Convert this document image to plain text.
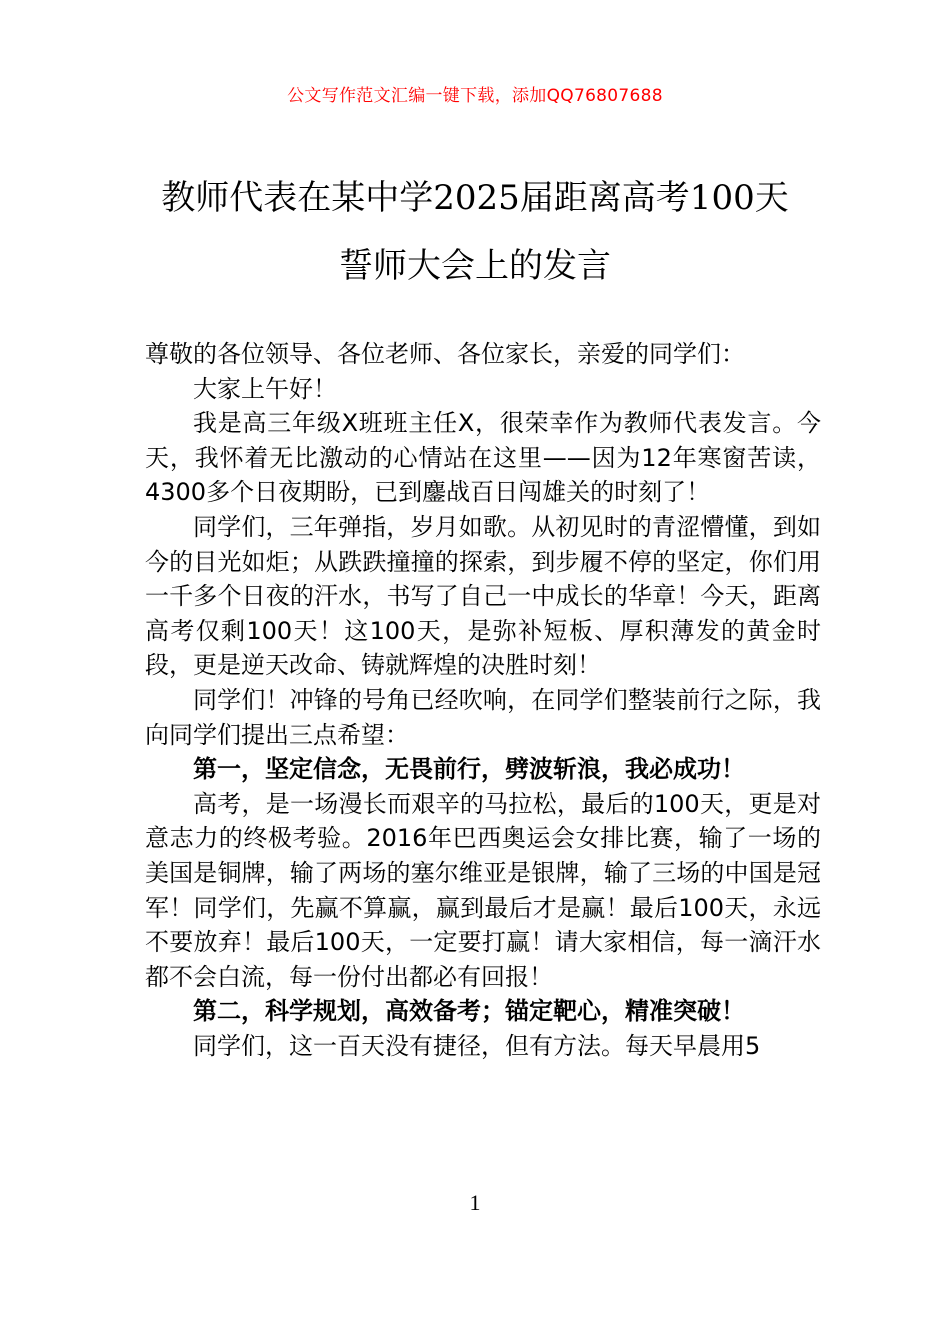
公文写作范文汇编一键下载，添加QQ76807688
教师代表在某中学2025届距离高考100天
誓师大会上的发言

尊敬的各位领导、各位老师、各位家长，亲爱的同学们：

大家上午好！

我是高三年级X班班主任X，很荣幸作为教师代表发言。今天，我怀着无比激动的心情站在这里——因为12年寒窗苦读，4300多个日夜期盼，已到鏖战百日闯雄关的时刻了！

同学们，三年弹指，岁月如歌。从初见时的青涩懵懂，到如今的目光如炬；从跌跌撞撞的探索，到步履不停的坚定，你们用一千多个日夜的汗水，书写了自己一中成长的华章！今天，距离高考仅剩100天！这100天，是弥补短板、厚积薄发的黄金时段，更是逆天改命、铸就辉煌的决胜时刻！

同学们！冲锋的号角已经吹响，在同学们整装前行之际，我向同学们提出三点希望：

第一，坚定信念，无畏前行，劈波斩浪，我必成功！

高考，是一场漫长而艰辛的马拉松，最后的100天，更是对意志力的终极考验。2016年巴西奥运会女排比赛，输了一场的美国是铜牌，输了两场的塞尔维亚是银牌，输了三场的中国是冠军！同学们，先赢不算赢，赢到最后才是赢！最后100天，永远不要放弃！最后100天，一定要打赢！请大家相信，每一滴汗水都不会白流，每一份付出都必有回报！

第二，科学规划，高效备考；锚定靶心，精准突破！

同学们，这一百天没有捷径，但有方法。每天早晨用5

1
